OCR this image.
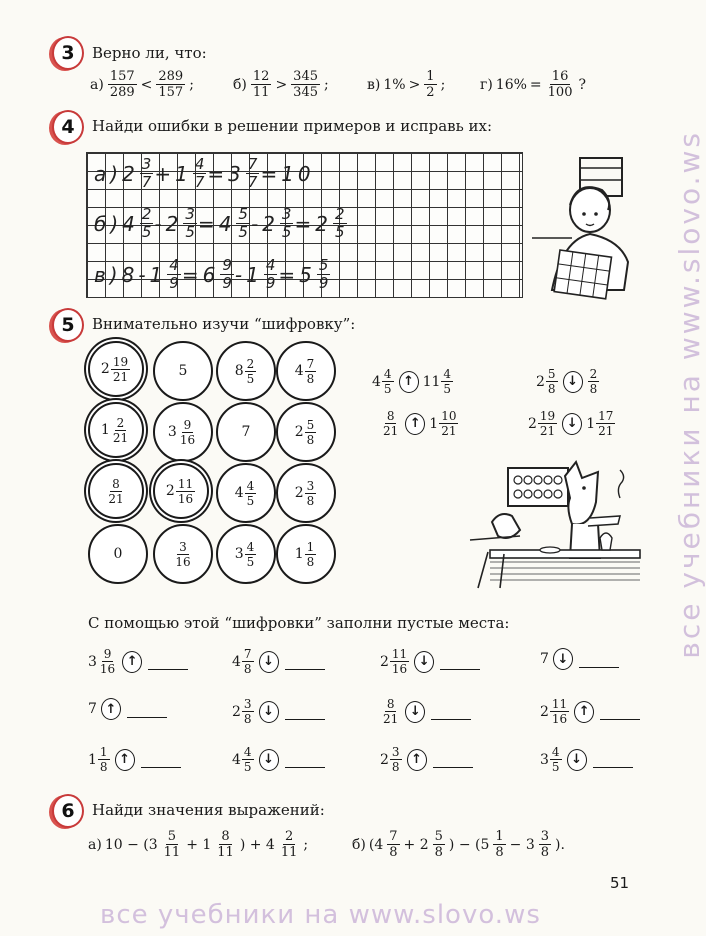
3 Верно ли, что:
$а) \frac{157}{289} < \frac{289}{157}$ ;	$б) \frac{12}{11} > \frac{345}{345}$ ;	в) $1\% > \frac{1}{2}$ ; г) $16\% = \frac{16}{100}$ ?
4 Найди ошибки в решении примеров и исправь их:
а) $2 \frac{3}{7} + 1 \frac{4}{7} = 3 \frac{7}{7} = 10$
б) $4 \frac{2}{5} - 2 \frac{3}{5} = 4 \frac{5}{5} - 2 \frac{3}{5} = 2 \frac{2}{5}$
в) $8 - 1 \frac{4}{9} = 6 \frac{9}{9} - 1 \frac{4}{9} = 5 \frac{5}{9}$
5 Внимательно изучи “шифровку”:
$2 \frac{19}{21}$	5	$8 \frac{2}{5}$	$4 \frac{7}{8}$
$1 \frac{2}{21}$	$3 \frac{9}{16}$	7	$2 \frac{5}{8}$
$\frac{8}{21}$	$2 \frac{11}{16}$	$4 \frac{4}{5}$	$2 \frac{3}{8}$
0	$\frac{3}{16}$	$3 \frac{4}{5}$	$1 \frac{1}{8}$
$4 \frac{4}{5}$ ↑ $11 \frac{4}{5}$	$2 \frac{5}{8}$ ↓ $\frac{2}{8}$
$\frac{8}{21}$ ↑ $1 \frac{10}{21}$	$2 \frac{19}{21}$ ↓ $1 \frac{17}{21}$
С помощью этой “шифровки” заполни пустые места:
$3 \frac{9}{16}$ ↑	$4 \frac{7}{8}$ ↓	$2 \frac{11}{16}$ ↓	7 ↓
7 ↑	$2 \frac{3}{8}$ ↓	$\frac{8}{21}$ ↓	$2 \frac{11}{16}$ ↑
$1 \frac{1}{8}$ ↑	$4 \frac{4}{5}$ ↓	$2 \frac{3}{8}$ ↑	$3 \frac{4}{5}$ ↓
6 Найди значения выражений:
а) $10 - (3 \frac{5}{11} + 1 \frac{8}{11}$ ) + $4 \frac{2}{11}$ ;	б) ($4 \frac{7}{8} + 2 \frac{5}{8}$ ) − ($5 \frac{1}{8} - 3 \frac{3}{8}$ ).
51
все учебники на www.slovo.ws
все учебники на www.slovo.ws
